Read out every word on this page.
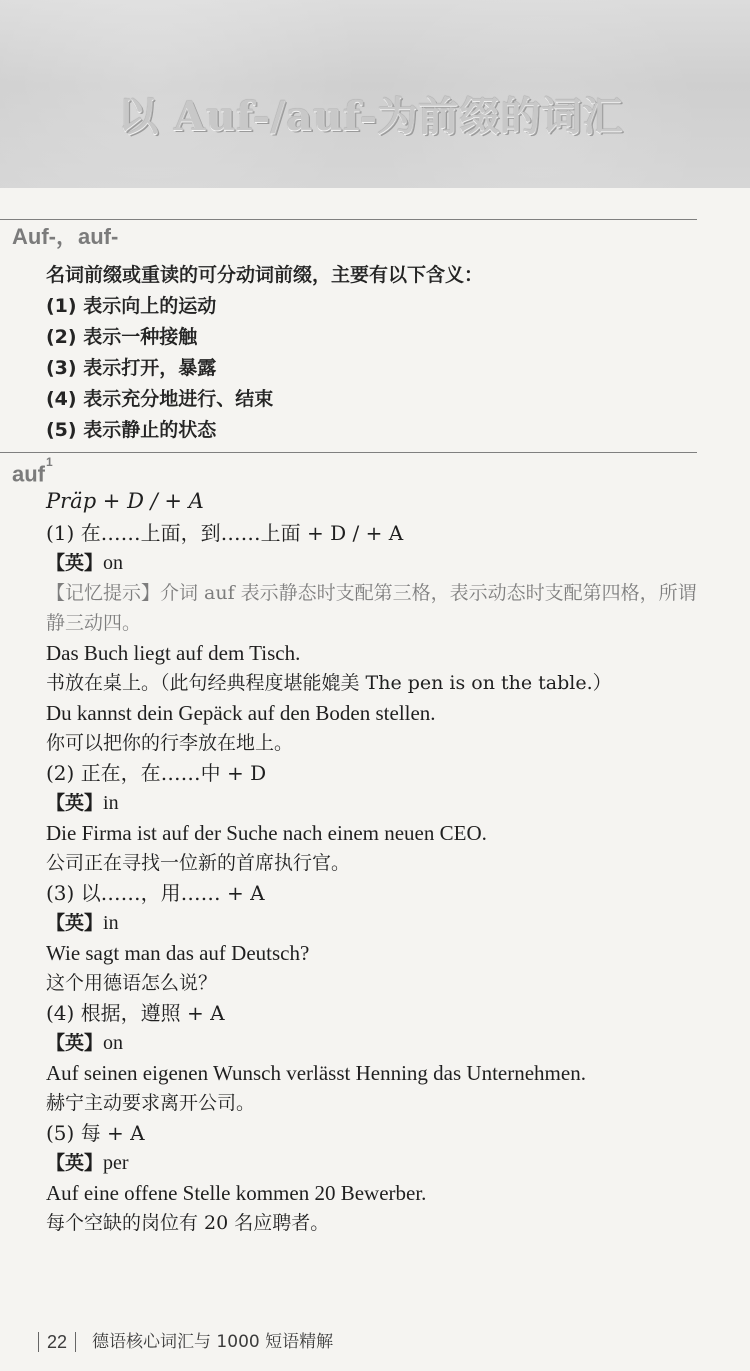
以 Auf-/auf-为前缀的词汇
Auf-，auf-
名词前缀或重读的可分动词前缀，主要有以下含义：
(1) 表示向上的运动
(2) 表示一种接触
(3) 表示打开，暴露
(4) 表示充分地进行、结束
(5) 表示静止的状态
auf$^1$

Präp + D / + A

(1) 在……上面，到……上面 + D / + A

【英】on

【记忆提示】介词 auf 表示静态时支配第三格，表示动态时支配第四格，所谓静三动四。

Das Buch liegt auf dem Tisch.

书放在桌上。（此句经典程度堪能媲美 The pen is on the table.）

Du kannst dein Gepäck auf den Boden stellen.

你可以把你的行李放在地上。

(2) 正在，在……中 + D

【英】in

Die Firma ist auf der Suche nach einem neuen CEO.

公司正在寻找一位新的首席执行官。

(3) 以……，用…… + A

【英】in

Wie sagt man das auf Deutsch?

这个用德语怎么说？

(4) 根据，遵照 + A

【英】on

Auf seinen eigenen Wunsch verlässt Henning das Unternehmen.

赫宁主动要求离开公司。

(5) 每 + A

【英】per

Auf eine offene Stelle kommen 20 Bewerber.

每个空缺的岗位有 20 名应聘者。

22 德语核心词汇与 1000 短语精解
